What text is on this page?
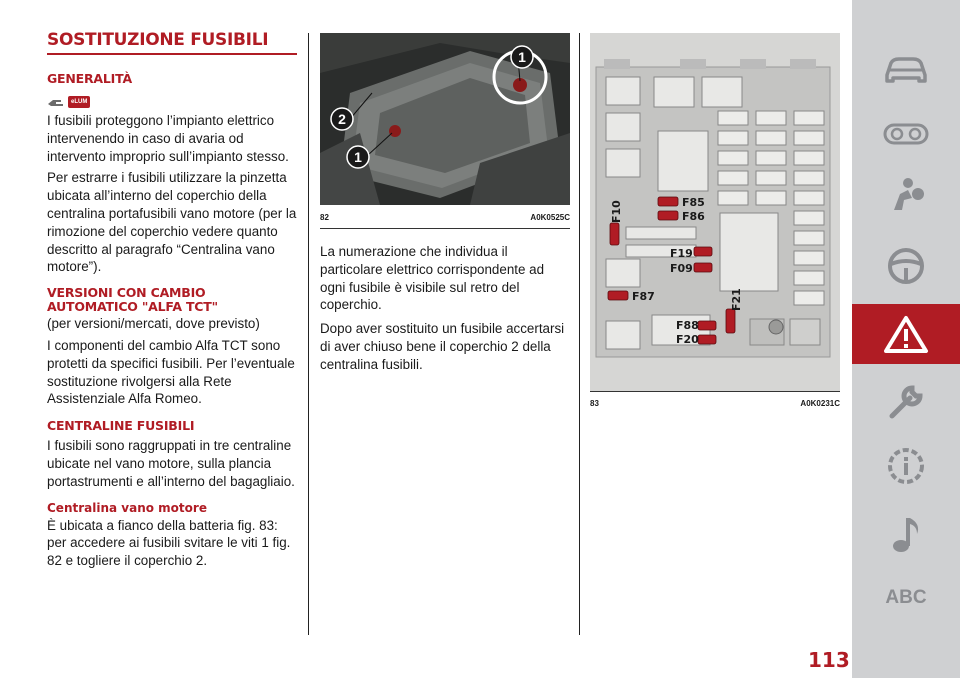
SOSTITUZIONE FUSIBILI
GENERALITÀ
eLUM
I fusibili proteggono l’impianto elettrico intervenendo in caso di avaria od intervento improprio sull’impianto stesso.
Per estrarre i fusibili utilizzare la pinzetta ubicata all’interno del coperchio della centralina portafusibili vano motore (per la rimozione del coperchio vedere quanto descritto al paragrafo “Centralina vano motore”).
VERSIONI CON CAMBIO AUTOMATICO "ALFA TCT"
(per versioni/mercati, dove previsto)
I componenti del cambio Alfa TCT sono protetti da specifici fusibili. Per l’eventuale sostituzione rivolgersi alla Rete Assistenziale Alfa Romeo.
CENTRALINE FUSIBILI
I fusibili sono raggruppati in tre centraline ubicate nel vano motore, sulla plancia portastrumenti e all’interno del bagagliaio.
Centralina vano motore
È ubicata a fianco della batteria fig. 83: per accedere ai fusibili svitare le viti 1 fig. 82 e togliere il coperchio 2.
1
2
1
82	A0K0525C
La numerazione che individua il particolare elettrico corrispondente ad ogni fusibile è visibile sul retro del coperchio.
Dopo aver sostituito un fusibile accertarsi di aver chiuso bene il coperchio 2 della centralina fusibili.
F10	F85
F86
F19
F09
F87	F21
F88
F20
83	A0K0231C
ABC
113
